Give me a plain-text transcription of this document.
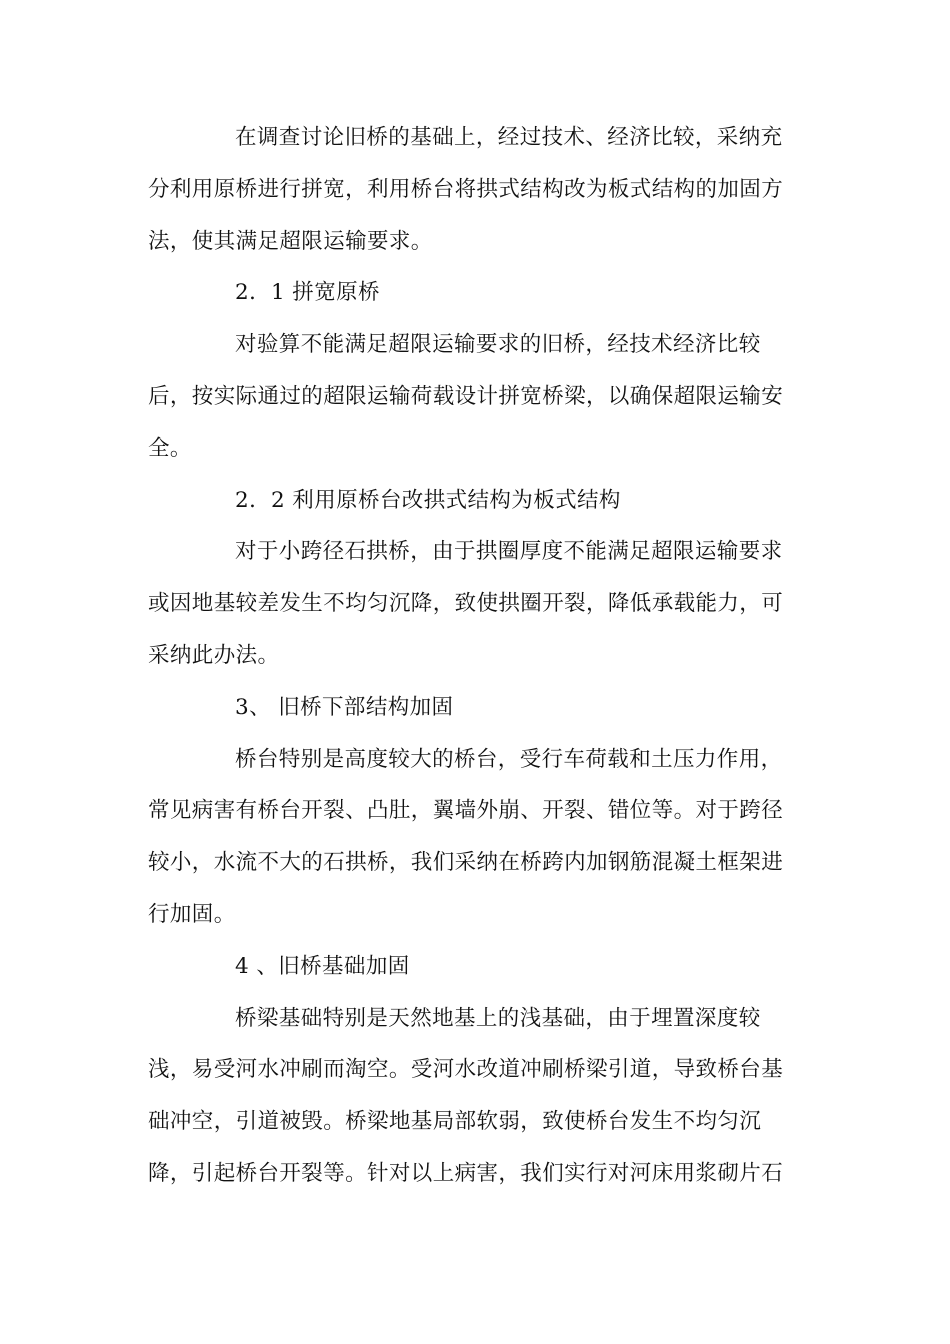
在调查讨论旧桥的基础上，经过技术、经济比较，采纳充
分利用原桥进行拼宽，利用桥台将拱式结构改为板式结构的加固方
法，使其满足超限运输要求。
2．1 拼宽原桥
对验算不能满足超限运输要求的旧桥，经技术经济比较
后，按实际通过的超限运输荷载设计拼宽桥梁，以确保超限运输安
全。
2．2 利用原桥台改拱式结构为板式结构
对于小跨径石拱桥，由于拱圈厚度不能满足超限运输要求
或因地基较差发生不均匀沉降，致使拱圈开裂，降低承载能力，可
采纳此办法。
3、 旧桥下部结构加固
桥台特别是高度较大的桥台，受行车荷载和土压力作用，
常见病害有桥台开裂、凸肚，翼墙外崩、开裂、错位等。对于跨径
较小，水流不大的石拱桥，我们采纳在桥跨内加钢筋混凝土框架进
行加固。
4 、旧桥基础加固
桥梁基础特别是天然地基上的浅基础，由于埋置深度较
浅，易受河水冲刷而淘空。受河水改道冲刷桥梁引道，导致桥台基
础冲空，引道被毁。桥梁地基局部软弱，致使桥台发生不均匀沉
降，引起桥台开裂等。针对以上病害，我们实行对河床用浆砌片石
